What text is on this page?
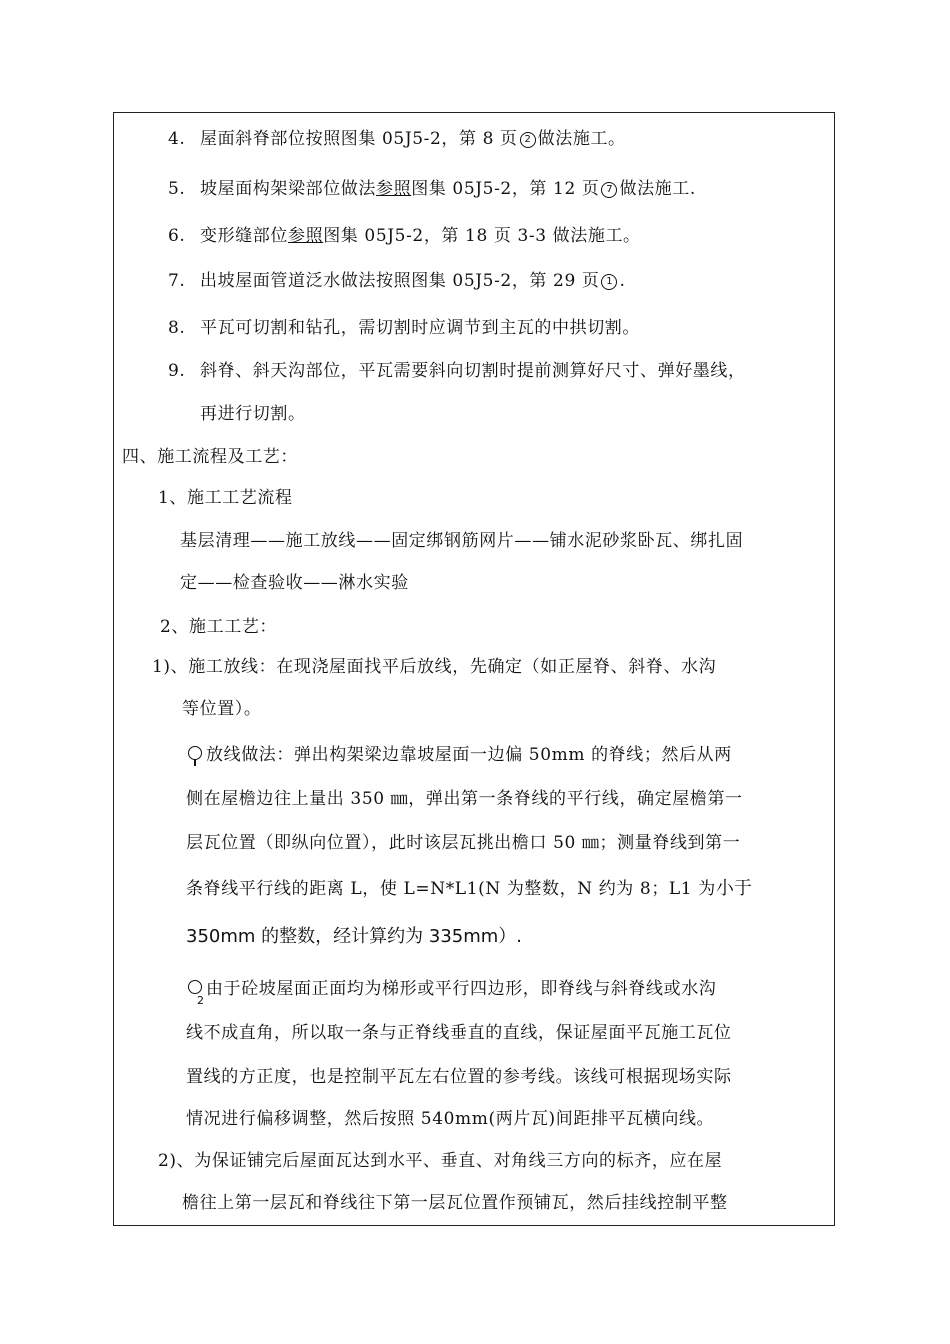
4. 屋面斜脊部位按照图集 05J5-2，第 8 页 2 做法施工。
5. 坡屋面构架梁部位做法参照图集 05J5-2，第 12 页 7 做法施工.
6. 变形缝部位参照图集 05J5-2，第 18 页 3-3 做法施工。
7. 出坡屋面管道泛水做法按照图集 05J5-2，第 29 页 1 .
8. 平瓦可切割和钻孔，需切割时应调节到主瓦的中拱切割。
9. 斜脊、斜天沟部位，平瓦需要斜向切割时提前测算好尺寸、弹好墨线，
再进行切割。
四、施工流程及工艺：
1、施工工艺流程
基层清理——施工放线——固定绑钢筋网片——铺水泥砂浆卧瓦、绑扎固
定——检查验收——淋水实验
2、施工工艺：
1)、施工放线：在现浇屋面找平后放线，先确定（如正屋脊、斜脊、水沟
等位置）。
放线做法：弹出构架梁边靠坡屋面一边偏 50mm 的脊线；然后从两
侧在屋檐边往上量出 350 ㎜，弹出第一条脊线的平行线，确定屋檐第一
层瓦位置（即纵向位置），此时该层瓦挑出檐口 50 ㎜；测量脊线到第一
条脊线平行线的距离 L，使 L=N*L1(N 为整数，N 约为 8；L1 为小于
350mm 的整数，经计算约为 335mm）.
2
由于砼坡屋面正面均为梯形或平行四边形，即脊线与斜脊线或水沟
线不成直角，所以取一条与正脊线垂直的直线，保证屋面平瓦施工瓦位
置线的方正度，也是控制平瓦左右位置的参考线。该线可根据现场实际
情况进行偏移调整，然后按照 540mm(两片瓦)间距排平瓦横向线。
2)、为保证铺完后屋面瓦达到水平、垂直、对角线三方向的标齐，应在屋
檐往上第一层瓦和脊线往下第一层瓦位置作预铺瓦，然后挂线控制平整
